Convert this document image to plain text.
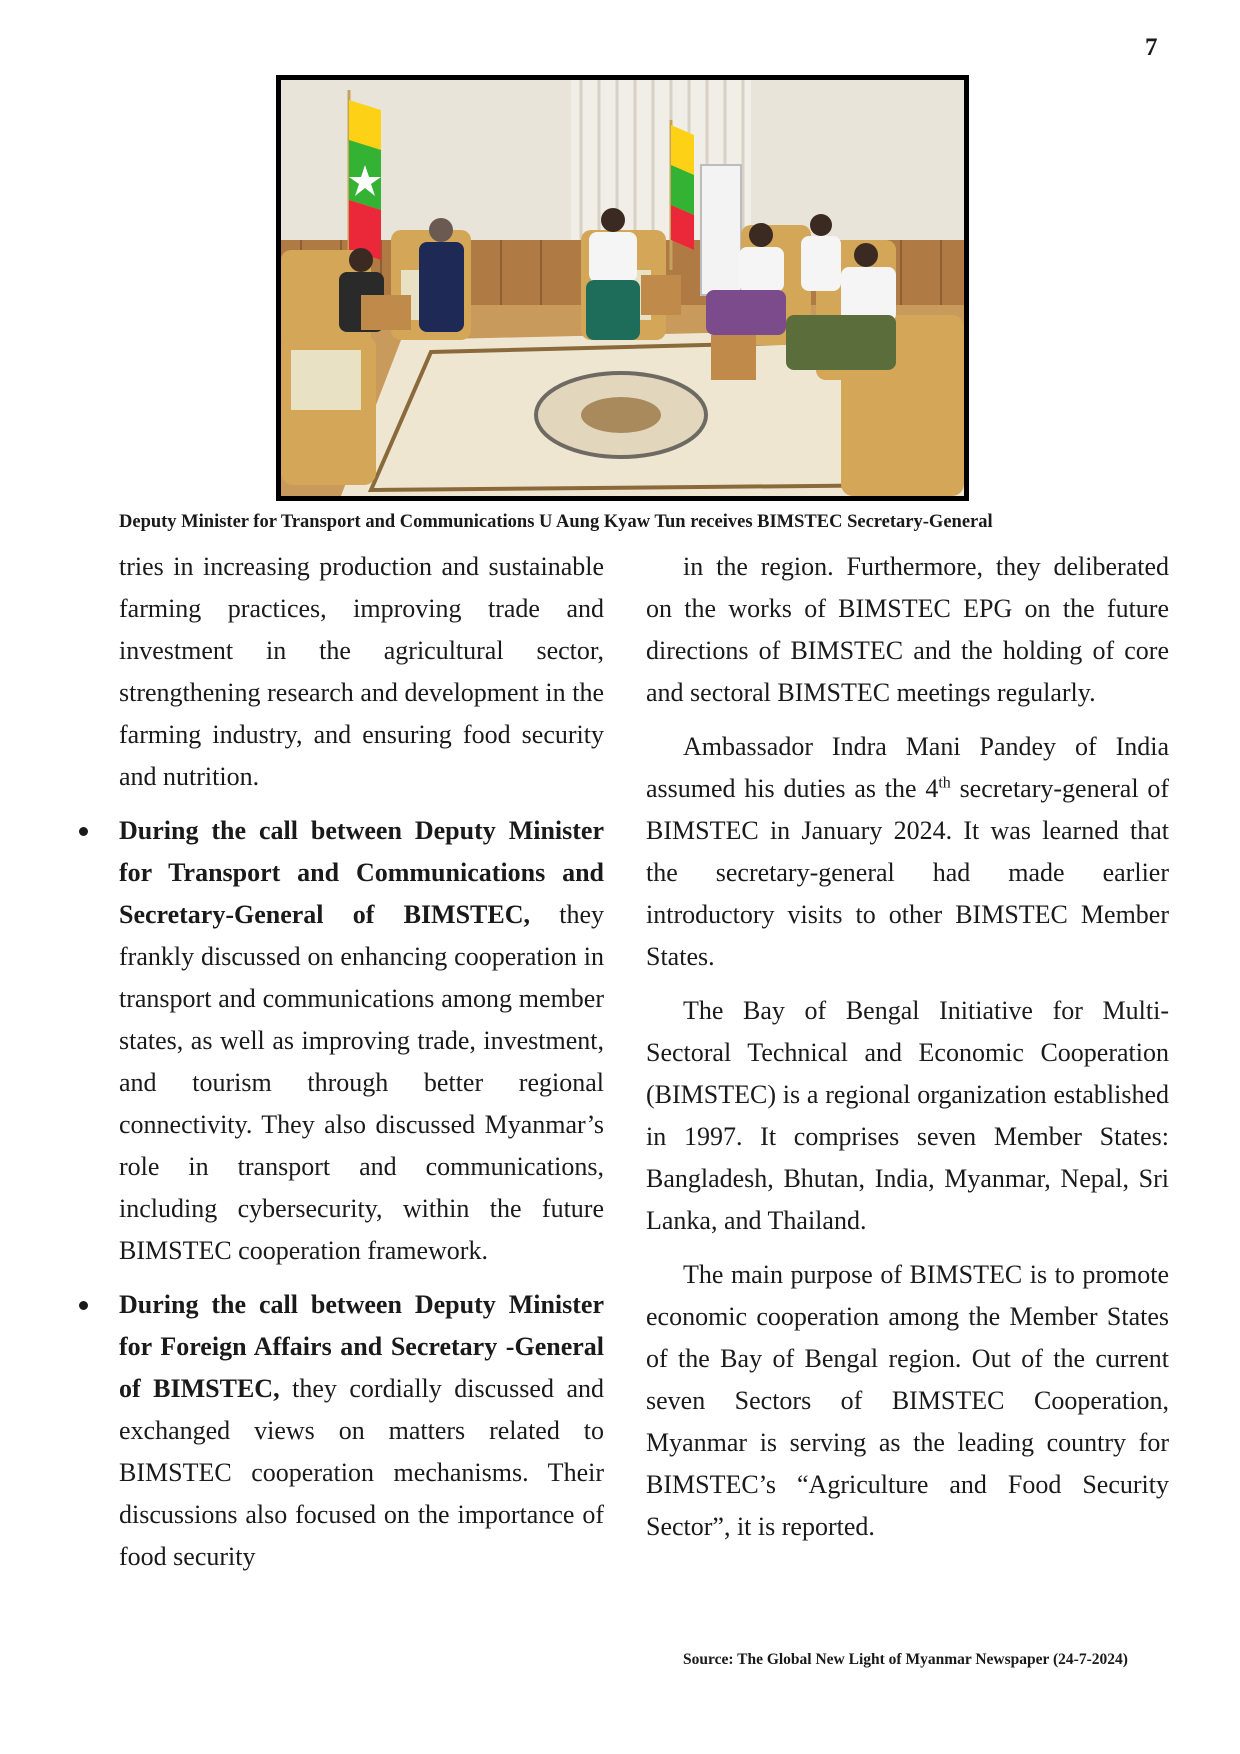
7
Deputy Minister for Transport and Communications U Aung Kyaw Tun receives BIMSTEC Secretary-General

tries in increasing production and sustainable farming practices, improving trade and investment in the agricultural sector, strengthening research and development in the farming industry, and ensuring food security and nutrition.

During the call between Deputy Minister for Transport and Communications and Secretary-General of BIMSTEC, they frankly discussed on enhancing cooperation in transport and communications among member states, as well as improving trade, investment, and tourism through better regional connectivity. They also discussed Myanmar’s role in transport and communications, including cybersecurity, within the future BIMSTEC cooperation framework.

During the call between Deputy Minister for Foreign Affairs and Secretary -General of BIMSTEC, they cordially discussed and exchanged views on matters related to BIMSTEC cooperation mechanisms. Their discussions also focused on the importance of food security

in the region. Furthermore, they deliberated on the works of BIMSTEC EPG on the future directions of BIMSTEC and the holding of core and sectoral BIMSTEC meetings regularly.

Ambassador Indra Mani Pandey of India assumed his duties as the 4th secretary-general of BIMSTEC in January 2024. It was learned that the secretary-general had made earlier introductory visits to other BIMSTEC Member States.

The Bay of Bengal Initiative for Multi-Sectoral Technical and Economic Cooperation (BIMSTEC) is a regional organization established in 1997. It comprises seven Member States: Bangladesh, Bhutan, India, Myanmar, Nepal, Sri Lanka, and Thailand.

The main purpose of BIMSTEC is to promote economic cooperation among the Member States of the Bay of Bengal region. Out of the current seven Sectors of BIMSTEC Cooperation, Myanmar is serving as the leading country for BIMSTEC’s “Agriculture and Food Security Sector”, it is reported.

Source: The Global New Light of Myanmar Newspaper (24-7-2024)
